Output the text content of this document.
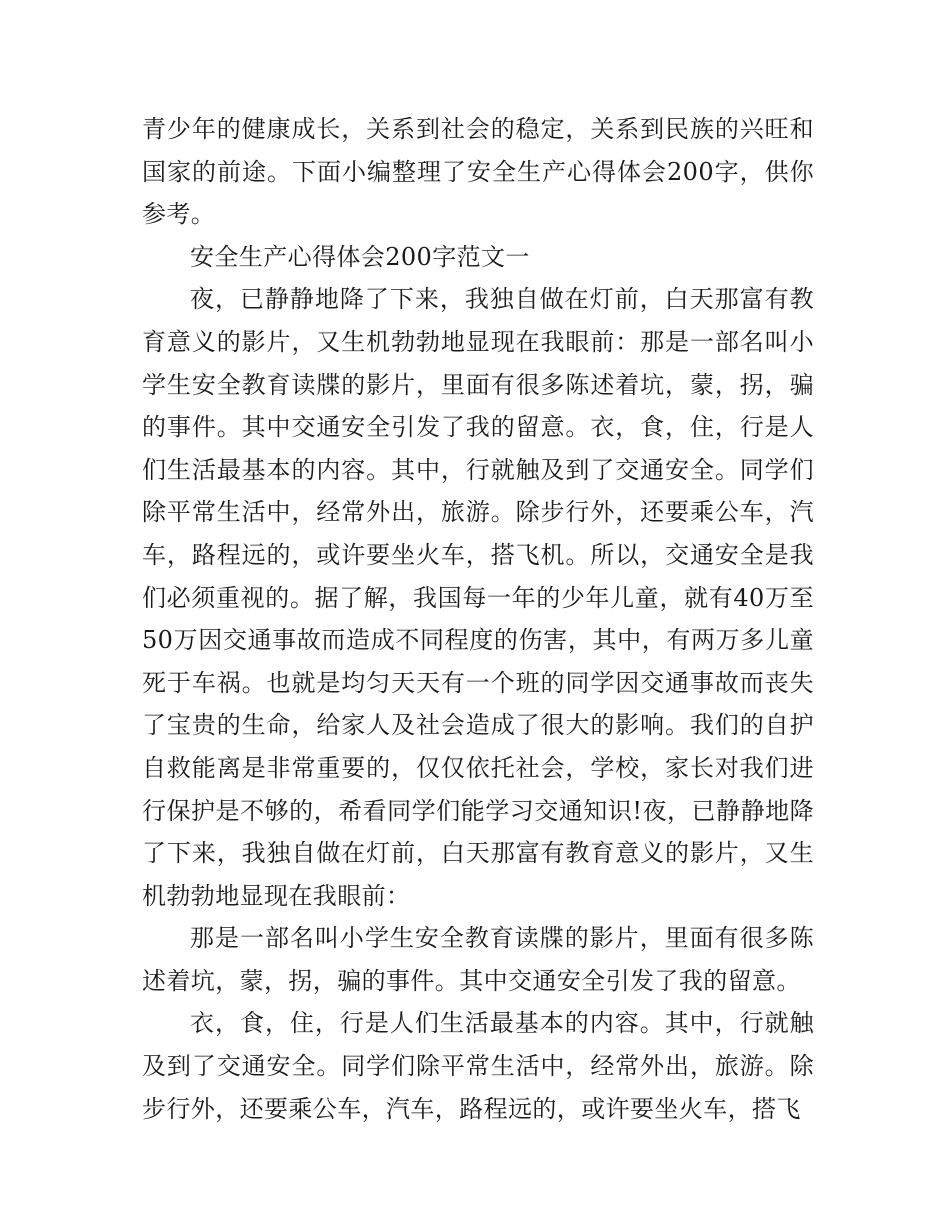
青少年的健康成长，关系到社会的稳定，关系到民族的兴旺和国家的前途。下面小编整理了安全生产心得体会200字，供你参考。

安全生产心得体会200字范文一

夜，已静静地降了下来，我独自做在灯前，白天那富有教育意义的影片，又生机勃勃地显现在我眼前：那是一部名叫小学生安全教育读牒的影片，里面有很多陈述着坑，蒙，拐，骗的事件。其中交通安全引发了我的留意。衣，食，住，行是人们生活最基本的内容。其中，行就触及到了交通安全。同学们除平常生活中，经常外出，旅游。除步行外，还要乘公车，汽车，路程远的，或许要坐火车，搭飞机。所以，交通安全是我们必须重视的。据了解，我国每一年的少年儿童，就有40万至50万因交通事故而造成不同程度的伤害，其中，有两万多儿童死于车祸。也就是均匀天天有一个班的同学因交通事故而丧失了宝贵的生命，给家人及社会造成了很大的影响。我们的自护自救能离是非常重要的，仅仅依托社会，学校，家长对我们进行保护是不够的，希看同学们能学习交通知识!夜，已静静地降了下来，我独自做在灯前，白天那富有教育意义的影片，又生机勃勃地显现在我眼前：

那是一部名叫小学生安全教育读牒的影片，里面有很多陈述着坑，蒙，拐，骗的事件。其中交通安全引发了我的留意。

衣，食，住，行是人们生活最基本的内容。其中，行就触及到了交通安全。同学们除平常生活中，经常外出，旅游。除步行外，还要乘公车，汽车，路程远的，或许要坐火车，搭飞
